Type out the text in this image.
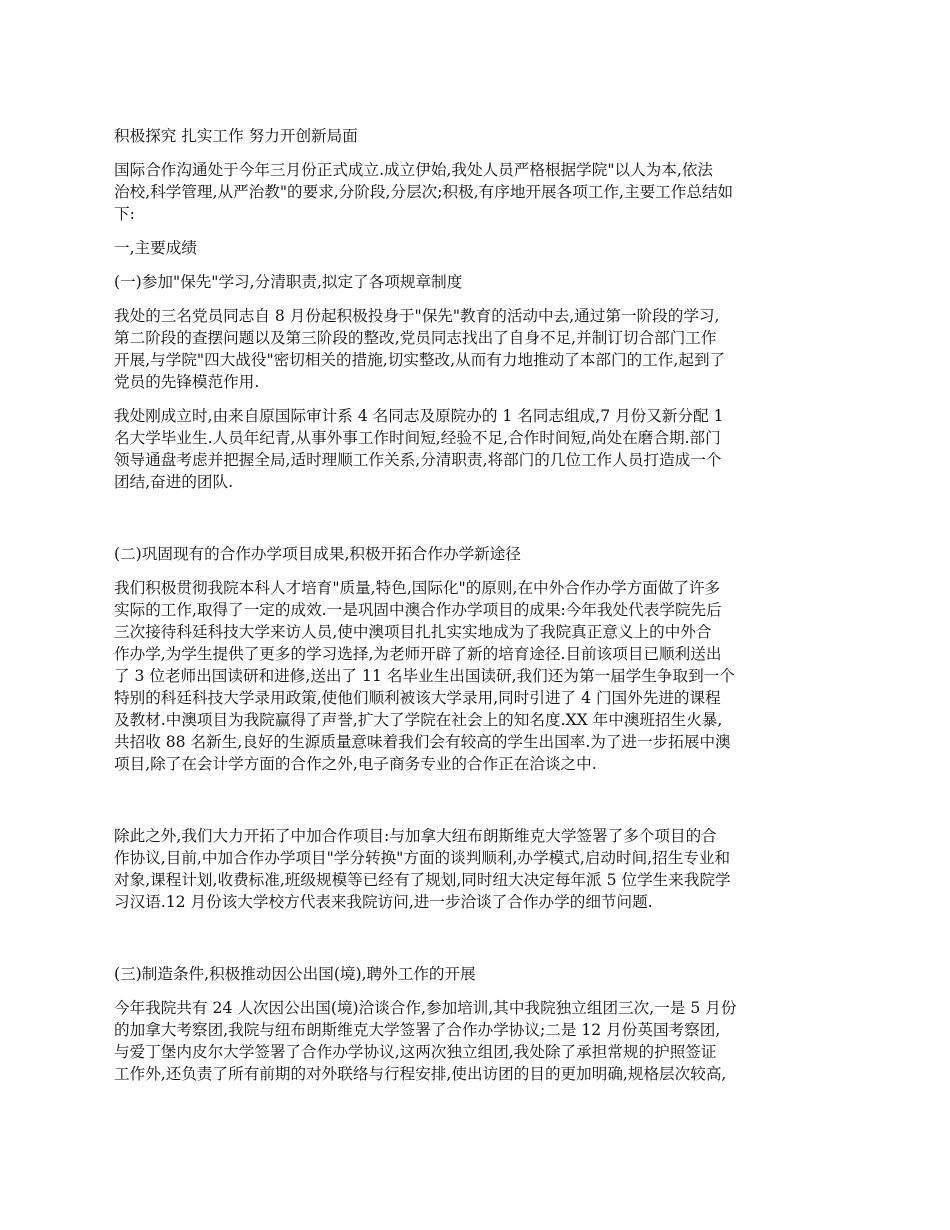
积极探究 扎实工作 努力开创新局面

国际合作沟通处于今年三月份正式成立.成立伊始,我处人员严格根据学院"以人为本,依法

治校,科学管理,从严治教"的要求,分阶段,分层次;积极,有序地开展各项工作,主要工作总结如

下:

一,主要成绩

(一)参加"保先"学习,分清职责,拟定了各项规章制度

我处的三名党员同志自 8 月份起积极投身于"保先"教育的活动中去,通过第一阶段的学习,

第二阶段的查摆问题以及第三阶段的整改,党员同志找出了自身不足,并制订切合部门工作

开展,与学院"四大战役"密切相关的措施,切实整改,从而有力地推动了本部门的工作,起到了

党员的先锋模范作用.

我处刚成立时,由来自原国际审计系 4 名同志及原院办的 1 名同志组成,7 月份又新分配 1

名大学毕业生.人员年纪青,从事外事工作时间短,经验不足,合作时间短,尚处在磨合期.部门

领导通盘考虑并把握全局,适时理顺工作关系,分清职责,将部门的几位工作人员打造成一个

团结,奋进的团队.

(二)巩固现有的合作办学项目成果,积极开拓合作办学新途径

我们积极贯彻我院本科人才培育"质量,特色,国际化"的原则,在中外合作办学方面做了许多

实际的工作,取得了一定的成效.一是巩固中澳合作办学项目的成果:今年我处代表学院先后

三次接待科廷科技大学来访人员,使中澳项目扎扎实实地成为了我院真正意义上的中外合

作办学,为学生提供了更多的学习选择,为老师开辟了新的培育途径.目前该项目已顺利送出

了 3 位老师出国读研和进修,送出了 11 名毕业生出国读研,我们还为第一届学生争取到一个

特别的科廷科技大学录用政策,使他们顺利被该大学录用,同时引进了 4 门国外先进的课程

及教材.中澳项目为我院赢得了声誉,扩大了学院在社会上的知名度.XX 年中澳班招生火暴,

共招收 88 名新生,良好的生源质量意味着我们会有较高的学生出国率.为了进一步拓展中澳

项目,除了在会计学方面的合作之外,电子商务专业的合作正在洽谈之中.

除此之外,我们大力开拓了中加合作项目:与加拿大纽布朗斯维克大学签署了多个项目的合

作协议,目前,中加合作办学项目"学分转换"方面的谈判顺利,办学模式,启动时间,招生专业和

对象,课程计划,收费标准,班级规模等已经有了规划,同时纽大决定每年派 5 位学生来我院学

习汉语.12 月份该大学校方代表来我院访问,进一步洽谈了合作办学的细节问题.

(三)制造条件,积极推动因公出国(境),聘外工作的开展

今年我院共有 24 人次因公出国(境)洽谈合作,参加培训,其中我院独立组团三次,一是 5 月份

的加拿大考察团,我院与纽布朗斯维克大学签署了合作办学协议;二是 12 月份英国考察团,

与爱丁堡内皮尔大学签署了合作办学协议,这两次独立组团,我处除了承担常规的护照签证

工作外,还负责了所有前期的对外联络与行程安排,使出访团的目的更加明确,规格层次较高,
